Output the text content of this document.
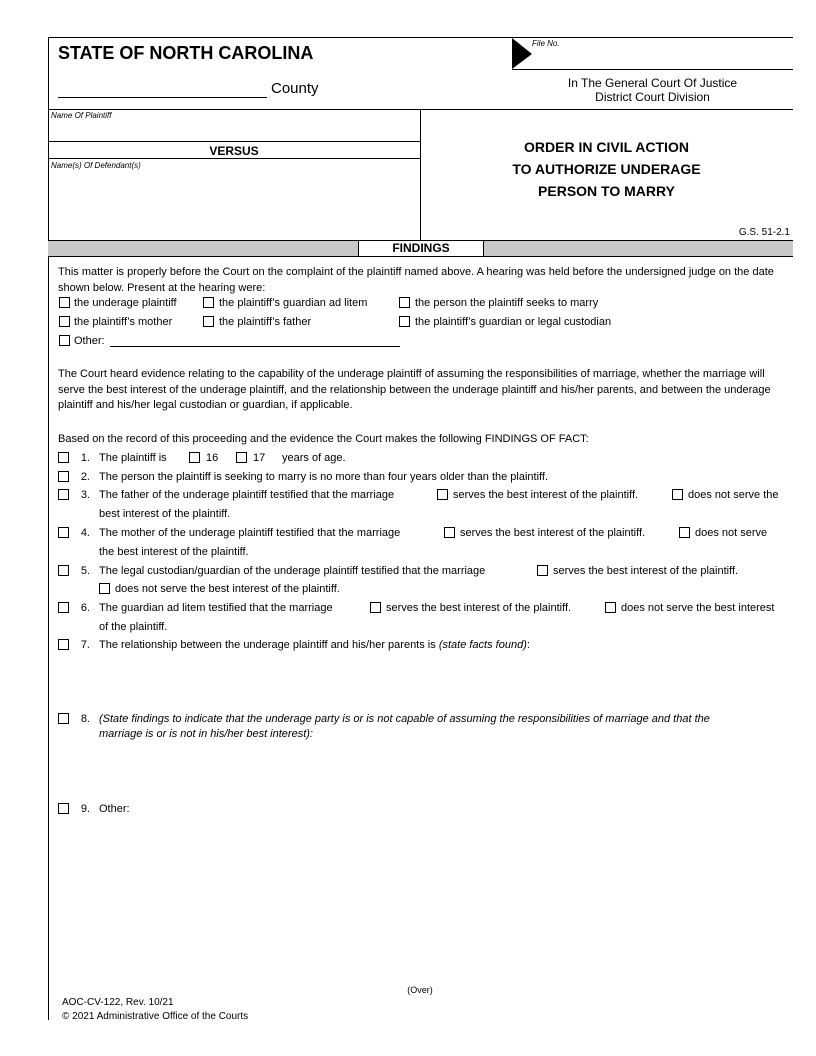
STATE OF NORTH CAROLINA
County
File No.
In The General Court Of Justice
District Court Division
Name Of Plaintiff
VERSUS
Name(s) Of Defendant(s)
ORDER IN CIVIL ACTION
TO AUTHORIZE UNDERAGE
PERSON TO MARRY
G.S. 51-2.1
FINDINGS
This matter is properly before the Court on the complaint of the plaintiff named above. A hearing was held before the undersigned judge on the date shown below. Present at the hearing were:
the underage plaintiff	the plaintiff’s guardian ad litem	the person the plaintiff seeks to marry
the plaintiff’s mother	the plaintiff’s father	the plaintiff’s guardian or legal custodian
Other:
The Court heard evidence relating to the capability of the underage plaintiff of assuming the responsibilities of marriage, whether the marriage will serve the best interest of the underage plaintiff, and the relationship between the underage plaintiff and his/her parents, and between the underage plaintiff and his/her legal custodian or guardian, if applicable.
Based on the record of this proceeding and the evidence the Court makes the following FINDINGS OF FACT:
1. The plaintiff is	16	17 years of age.
2. The person the plaintiff is seeking to marry is no more than four years older than the plaintiff.
3. The father of the underage plaintiff testified that the marriage	serves the best interest of the plaintiff.	does not serve the
best interest of the plaintiff.
4. The mother of the underage plaintiff testified that the marriage	serves the best interest of the plaintiff.	does not serve
the best interest of the plaintiff.
5. The legal custodian/guardian of the underage plaintiff testified that the marriage	serves the best interest of the plaintiff.
does not serve the best interest of the plaintiff.
6. The guardian ad litem testified that the marriage	serves the best interest of the plaintiff.	does not serve the best interest
of the plaintiff.
7. The relationship between the underage plaintiff and his/her parents is (state facts found):
8. (State findings to indicate that the underage party is or is not capable of assuming the responsibilities of marriage and that the
marriage is or is not in his/her best interest):
9. Other:
(Over)
AOC-CV-122, Rev. 10/21
© 2021 Administrative Office of the Courts
